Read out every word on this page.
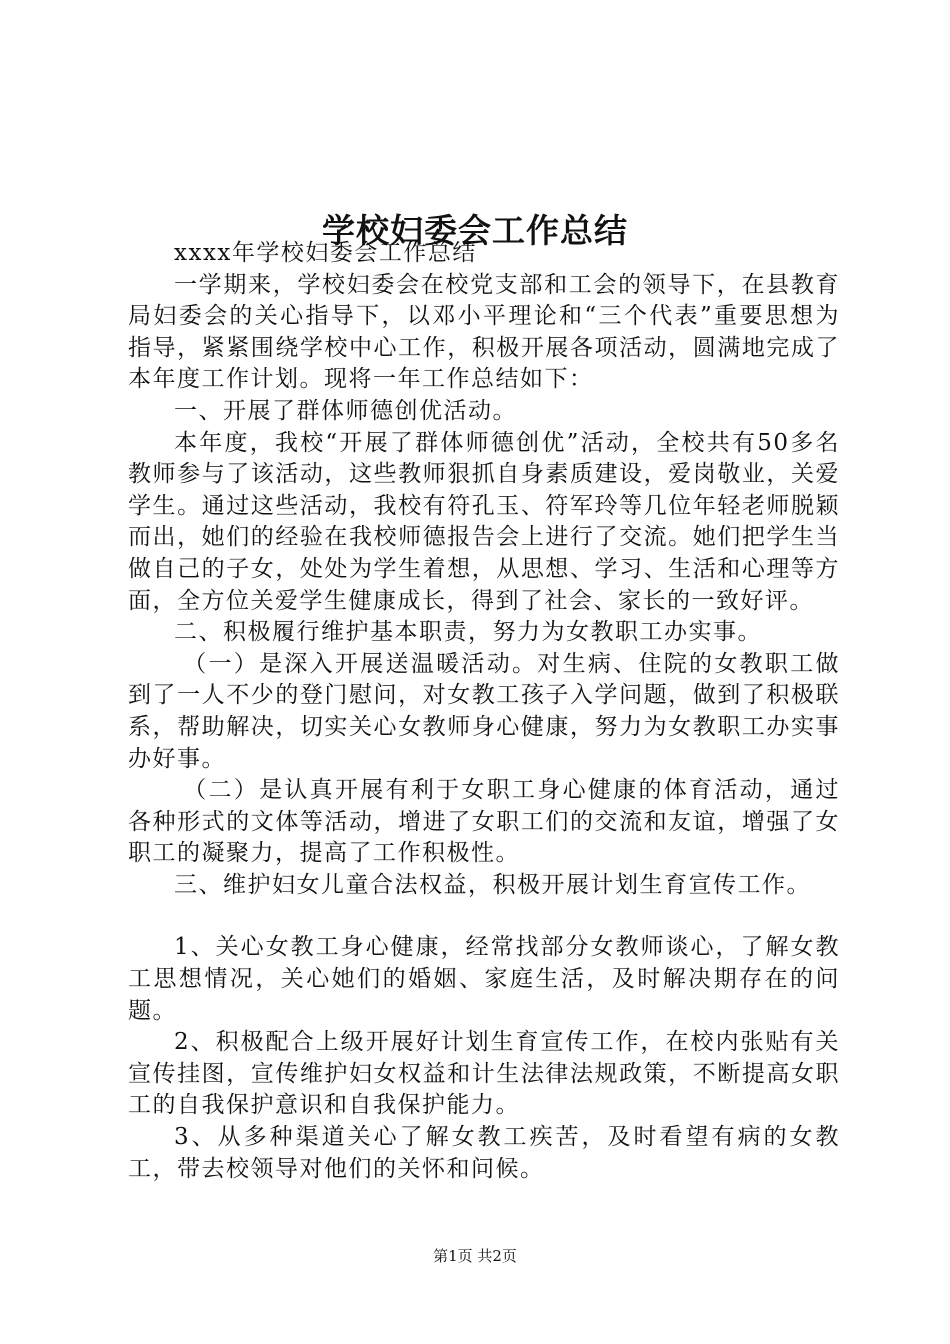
学校妇委会工作总结

xxxx年学校妇委会工作总结

一学期来，学校妇委会在校党支部和工会的领导下，在县教育局妇委会的关心指导下，以邓小平理论和“三个代表”重要思想为指导，紧紧围绕学校中心工作，积极开展各项活动，圆满地完成了本年度工作计划。现将一年工作总结如下：

一、开展了群体师德创优活动。

本年度，我校“开展了群体师德创优”活动，全校共有50多名教师参与了该活动，这些教师狠抓自身素质建设，爱岗敬业，关爱学生。通过这些活动，我校有符孔玉、符军玲等几位年轻老师脱颖而出，她们的经验在我校师德报告会上进行了交流。她们把学生当做自己的子女，处处为学生着想，从思想、学习、生活和心理等方面，全方位关爱学生健康成长，得到了社会、家长的一致好评。

二、积极履行维护基本职责，努力为女教职工办实事。

（一）是深入开展送温暖活动。对生病、住院的女教职工做到了一人不少的登门慰问，对女教工孩子入学问题，做到了积极联系，帮助解决，切实关心女教师身心健康，努力为女教职工办实事办好事。

（二）是认真开展有利于女职工身心健康的体育活动，通过各种形式的文体等活动，增进了女职工们的交流和友谊，增强了女职工的凝聚力，提高了工作积极性。

三、维护妇女儿童合法权益，积极开展计划生育宣传工作。

1、关心女教工身心健康，经常找部分女教师谈心，了解女教工思想情况，关心她们的婚姻、家庭生活，及时解决期存在的问题。

2、积极配合上级开展好计划生育宣传工作，在校内张贴有关宣传挂图，宣传维护妇女权益和计生法律法规政策，不断提高女职工的自我保护意识和自我保护能力。

3、从多种渠道关心了解女教工疾苦，及时看望有病的女教工，带去校领导对他们的关怀和问候。

第1页 共2页
